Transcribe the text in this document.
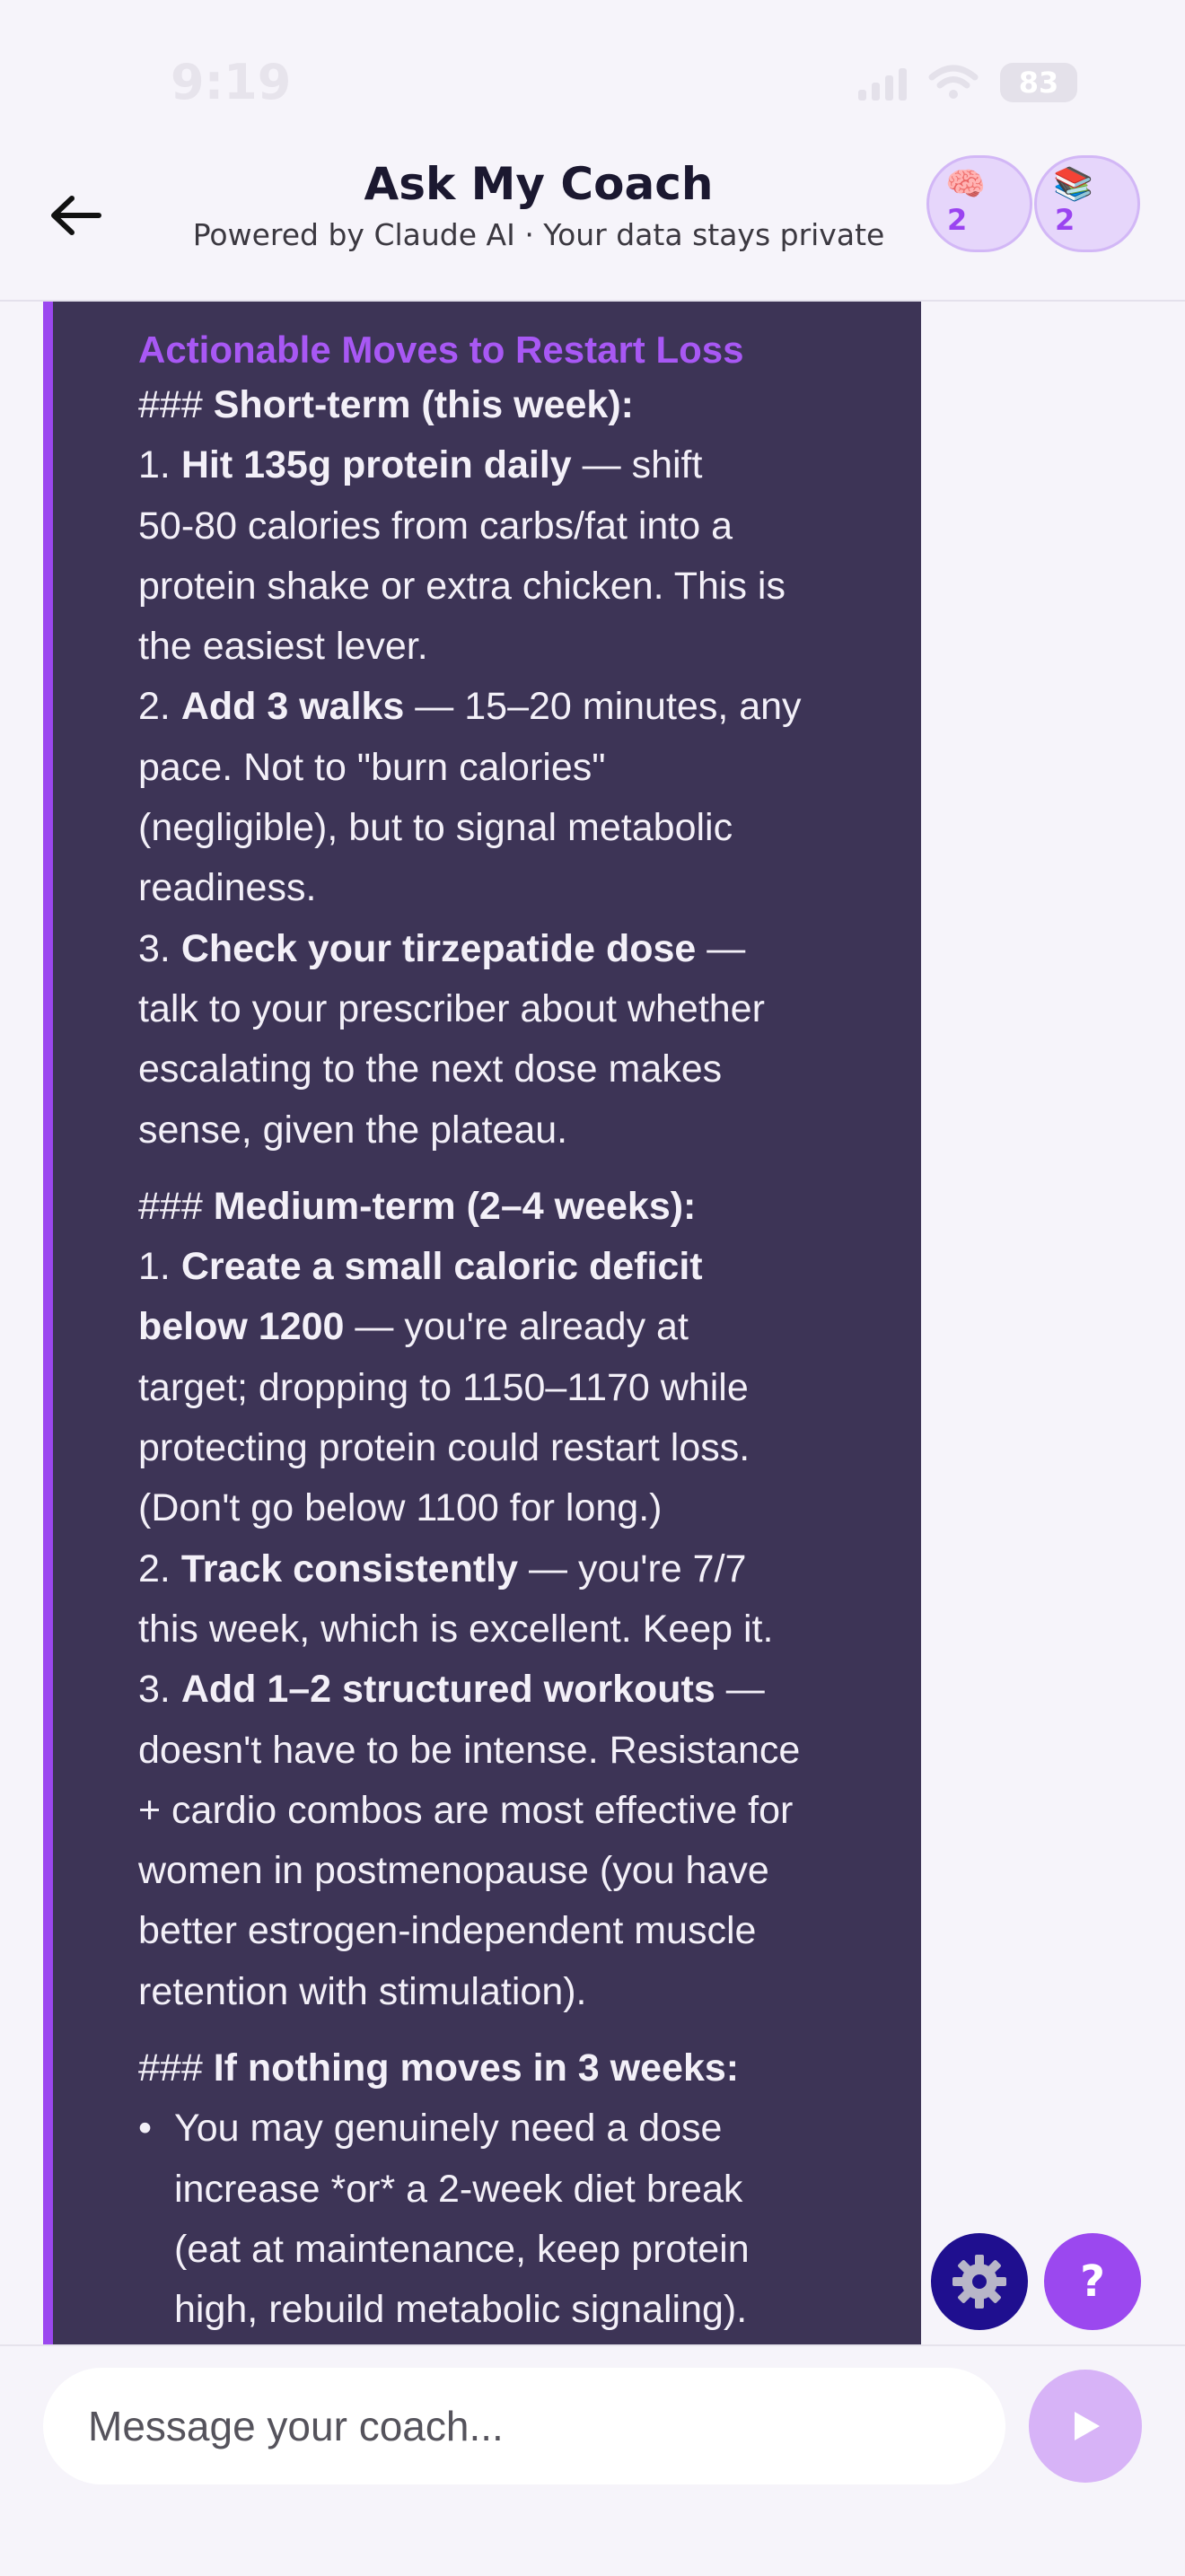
9:19	83
Ask My Coach
Powered by Claude AI · Your data stays private
🧠
2
📚
2
Actionable Moves to Restart Loss
### Short-term (this week):
1. Hit 135g protein daily — shift
50-80 calories from carbs/fat into a
protein shake or extra chicken. This is
the easiest lever.
2. Add 3 walks — 15–20 minutes, any
pace. Not to "burn calories"
(negligible), but to signal metabolic
readiness.
3. Check your tirzepatide dose —
talk to your prescriber about whether
escalating to the next dose makes
sense, given the plateau.
### Medium-term (2–4 weeks):
1. Create a small caloric deficit
below 1200 — you're already at
target; dropping to 1150–1170 while
protecting protein could restart loss.
(Don't go below 1100 for long.)
2. Track consistently — you're 7/7
this week, which is excellent. Keep it.
3. Add 1–2 structured workouts —
doesn't have to be intense. Resistance
+ cardio combos are most effective for
women in postmenopause (you have
better estrogen-independent muscle
retention with stimulation).
### If nothing moves in 3 weeks:
• You may genuinely need a dose
increase *or* a 2-week diet break
(eat at maintenance, keep protein
high, rebuild metabolic signaling).
?
Message your coach...
